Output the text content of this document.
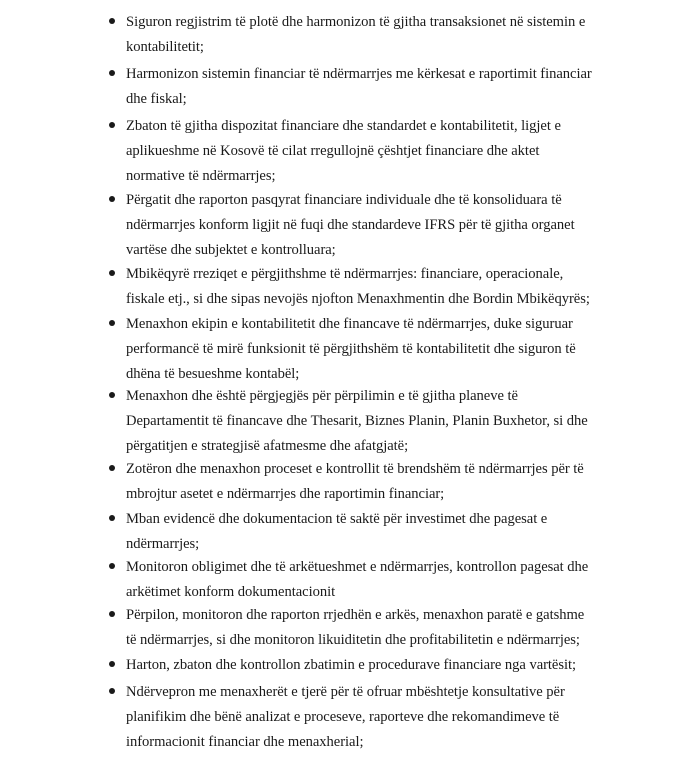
Siguron regjistrim të plotë dhe harmonizon të gjitha transaksionet në sistemin e kontabilitetit;
Harmonizon sistemin financiar të ndërmarrjes me kërkesat e raportimit financiar dhe fiskal;
Zbaton të gjitha dispozitat financiare dhe standardet e kontabilitetit, ligjet e aplikueshme në Kosovë të cilat rregullojnë çështjet financiare dhe aktet normative të ndërmarrjes;
Përgatit dhe raporton pasqyrat financiare individuale dhe të konsoliduara të ndërmarrjes konform ligjit në fuqi dhe standardeve IFRS për të gjitha organet vartëse dhe subjektet e kontrolluara;
Mbikëqyrë rreziqet e përgjithshme të ndërmarrjes: financiare, operacionale, fiskale etj., si dhe sipas nevojës njofton Menaxhmentin dhe Bordin Mbikëqyrës;
Menaxhon ekipin e kontabilitetit dhe financave të ndërmarrjes, duke siguruar performancë të mirë funksionit të përgjithshëm të kontabilitetit dhe siguron të dhëna të besueshme kontabël;
Menaxhon dhe është përgjegjës për përpilimin e të gjitha planeve të Departamentit të financave dhe Thesarit, Biznes Planin, Planin Buxhetor, si dhe përgatitjen e strategjisë afatmesme dhe afatgjatë;
Zotëron dhe menaxhon proceset e kontrollit të brendshëm të ndërmarrjes për të mbrojtur asetet e ndërmarrjes dhe raportimin financiar;
Mban evidencë dhe dokumentacion të saktë për investimet dhe pagesat e ndërmarrjes;
Monitoron obligimet dhe të arkëtueshmet e ndërmarrjes, kontrollon pagesat dhe arkëtimet konform dokumentacionit
Përpilon, monitoron dhe raporton rrjedhën e arkës, menaxhon paratë e gatshme të ndërmarrjes, si dhe monitoron likuiditetin dhe profitabilitetin e ndërmarrjes;
Harton, zbaton dhe kontrollon zbatimin e procedurave financiare nga vartësit;
Ndërvepron me menaxherët e tjerë për të ofruar mbështetje konsultative për planifikim dhe bënë analizat e proceseve, raporteve dhe rekomandimeve të informacionit financiar dhe menaxherial;
